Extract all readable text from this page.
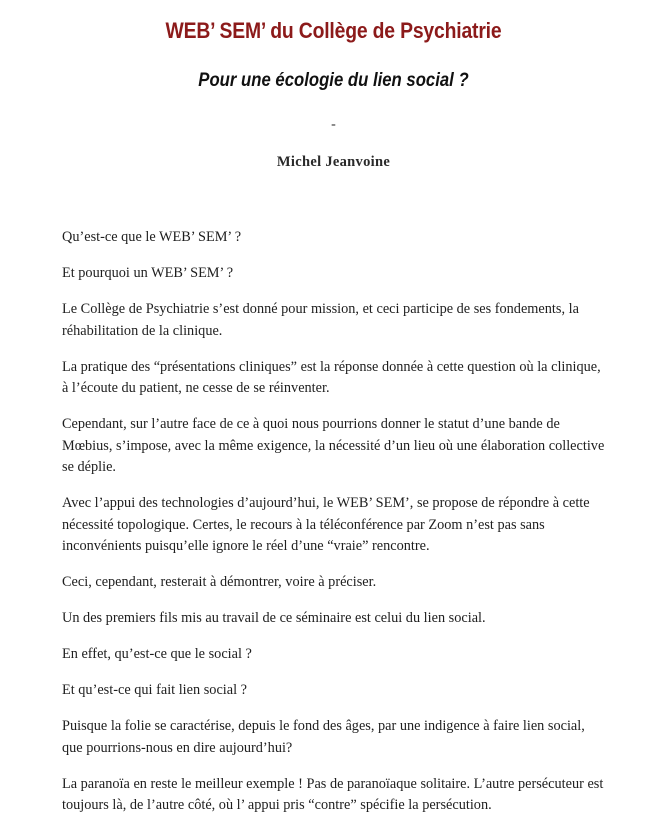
WEB’ SEM’ du Collège de Psychiatrie
Pour une écologie du lien social ?
-
Michel Jeanvoine

Qu’est-ce que le WEB’ SEM’ ?

Et pourquoi un WEB’ SEM’ ?

Le Collège de Psychiatrie s’est donné pour mission, et ceci participe de ses fondements, la réhabilitation de la clinique.

La pratique des “présentations cliniques” est la réponse donnée à cette question où la clinique, à l’écoute du patient, ne cesse de se réinventer.

Cependant, sur l’autre face de ce à quoi nous pourrions donner le statut d’une bande de Mœbius, s’impose, avec la même exigence, la nécessité d’un lieu où une élaboration collective se déplie.

Avec l’appui des technologies d’aujourd’hui, le WEB’ SEM’, se propose de répondre à cette nécessité topologique. Certes, le recours à la téléconférence par Zoom n’est pas sans inconvénients puisqu’elle ignore le réel d’une “vraie” rencontre.

Ceci, cependant, resterait à démontrer, voire à préciser.

Un des premiers fils mis au travail de ce séminaire est celui du lien social.

En effet, qu’est-ce que le social ?

Et qu’est-ce qui fait lien social ?

Puisque la folie se caractérise, depuis le fond des âges, par une indigence à faire lien social, que pourrions-nous en dire aujourd’hui?

La paranoïa en reste le meilleur exemple ! Pas de paranoïaque solitaire. L’autre persécuteur est toujours là, de l’autre côté, où l’ appui pris “contre” spécifie la persécution.
